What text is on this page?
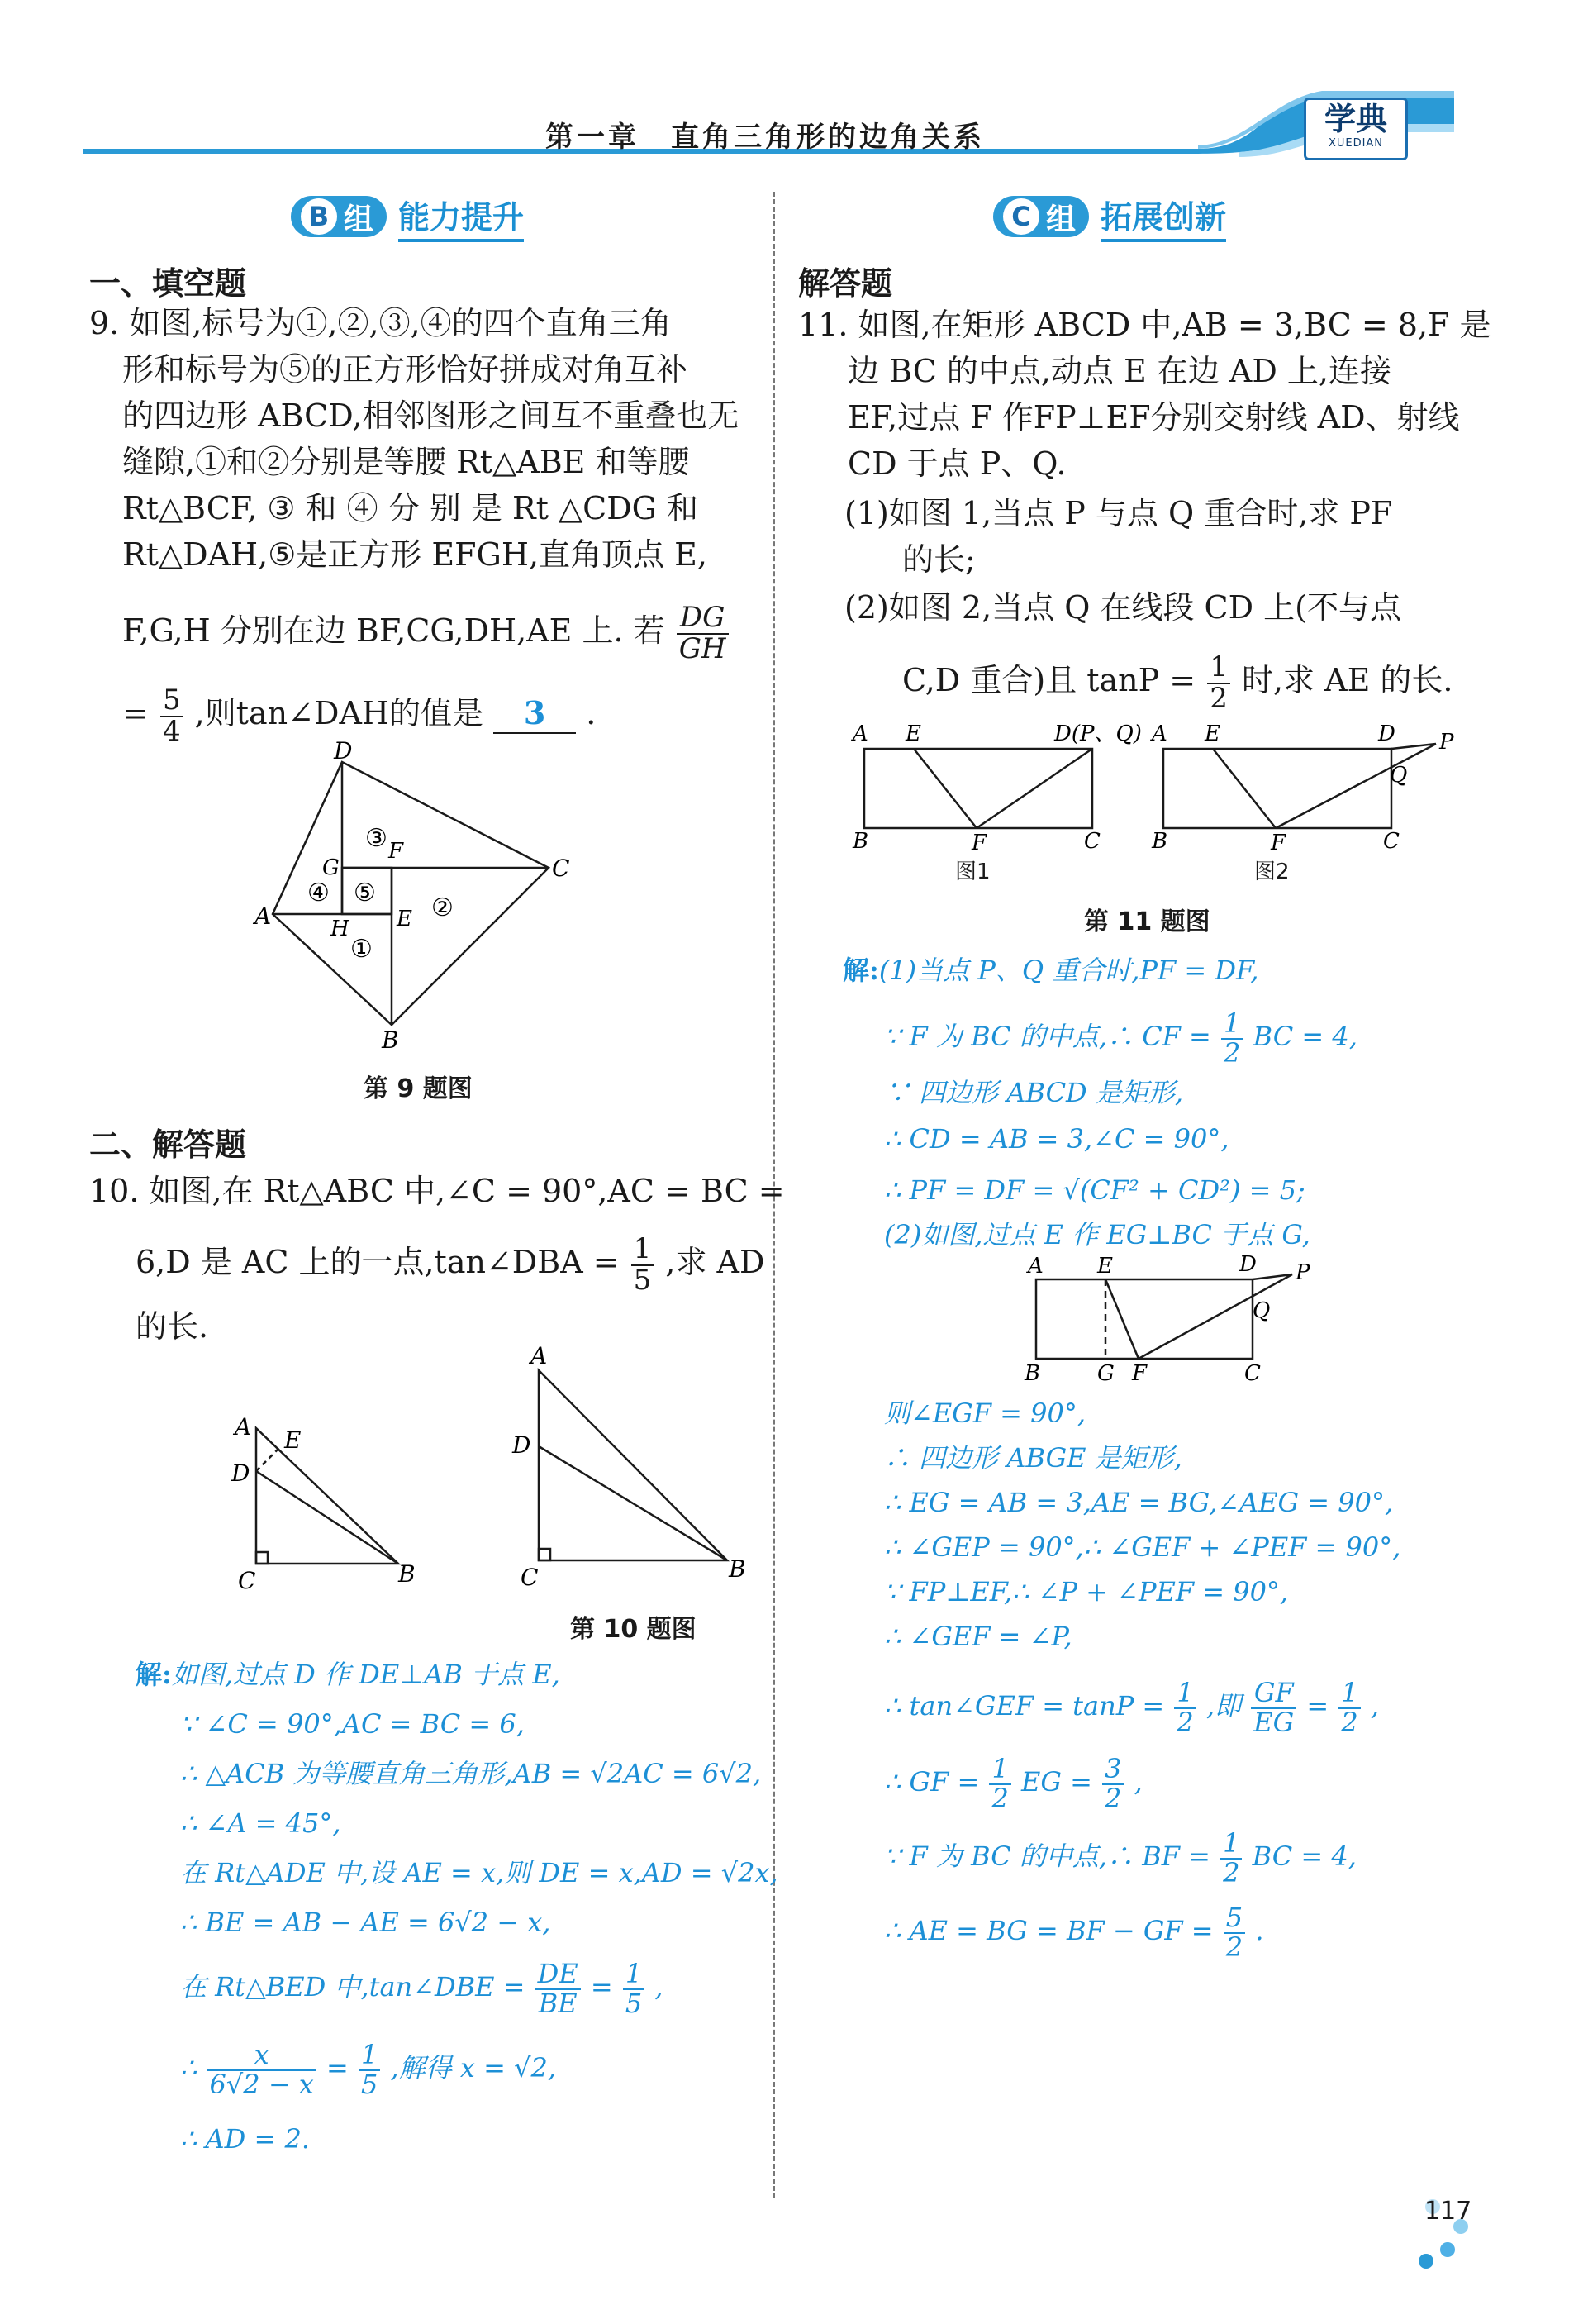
第一章　直角三角形的边角关系	学典
XUEDIAN
B 组 能力提升
一、填空题
9. 如图,标号为①,②,③,④的四个直角三角
形和标号为⑤的正方形恰好拼成对角互补
的四边形 ABCD,相邻图形之间互不重叠也无
缝隙,①和②分别是等腰 Rt△ABE 和等腰
Rt△BCF, ③ 和 ④ 分 别 是 Rt △CDG 和
Rt△DAH,⑤是正方形 EFGH,直角顶点 E,
F,G,H 分别在边 BF,CG,DH,AE 上. 若 $\frac{DG}{GH}$
= $\frac{5}{4}$ ,则tan∠DAH的值是 3 .
D
C
A
B
G
F
E
H
①
②
③
④ ⑤
第 9 题图
二、解答题
10. 如图,在 Rt△ABC 中,∠C = 90°,AC = BC =
6,D 是 AC 上的一点,tan∠DBA = $\frac{1}{5}$ ,求 AD
的长.
A E
D
C	B
A
D
C	B
第 10 题图
解:如图,过点 D 作 DE⊥AB 于点 E,
∵ ∠C = 90°,AC = BC = 6,
∴ △ACB 为等腰直角三角形,AB = √2AC = 6√2,
∴ ∠A = 45°,
在 Rt△ADE 中,设 AE = x,则 DE = x,AD = √2x,
∴ BE = AB − AE = 6√2 − x,
在 Rt△BED 中,tan∠DBE = $\frac{DE}{BE} = \frac{1}{5}$ ,
∴ $\frac{x}{6√2 - x} = \frac{1}{5}$ ,解得 x = √2,
∴ AD = 2.
C 组 拓展创新
解答题
11. 如图,在矩形 ABCD 中,AB = 3,BC = 8,F 是
边 BC 的中点,动点 E 在边 AD 上,连接
EF,过点 F 作FP⊥EF分别交射线 AD、射线
CD 于点 P、Q.
(1)如图 1,当点 P 与点 Q 重合时,求 PF
的长;
(2)如图 2,当点 Q 在线段 CD 上(不与点
C,D 重合)且 $\tan P = \frac{1}{2}$ 时,求 AE 的长.
A E	D(P、Q)
B	F	C
图1
A E	D P
Q
B	F	C
图2
第 11 题图
解:(1)当点 P、Q 重合时,PF = DF,
∵ F 为 BC 的中点,∴ CF = $\frac{1}{2}$ BC = 4,
∵ 四边形 ABCD 是矩形,
∴ CD = AB = 3,∠C = 90°,
∴ PF = DF = √(CF² + CD²) = 5;
(2)如图,过点 E 作 EG⊥BC 于点 G,
A	E	D P
Q
B	G F	C
则∠EGF = 90°,
∴ 四边形 ABGE 是矩形,
∴ EG = AB = 3,AE = BG,∠AEG = 90°,
∴ ∠GEP = 90°,∴ ∠GEF + ∠PEF = 90°,
∵ FP⊥EF,∴ ∠P + ∠PEF = 90°,
∴ ∠GEF = ∠P,
∴ tan∠GEF = $\tan P = \frac{1}{2}$ ,即 $\frac{GF}{EG} = \frac{1}{2}$ ,
∴ GF = $\frac{1}{2}$ EG = $\frac{3}{2}$ ,
∵ F 为 BC 的中点,∴ BF = $\frac{1}{2}$ BC = 4,
∴ AE = BG = BF − GF = $\frac{5}{2}$ .
117
